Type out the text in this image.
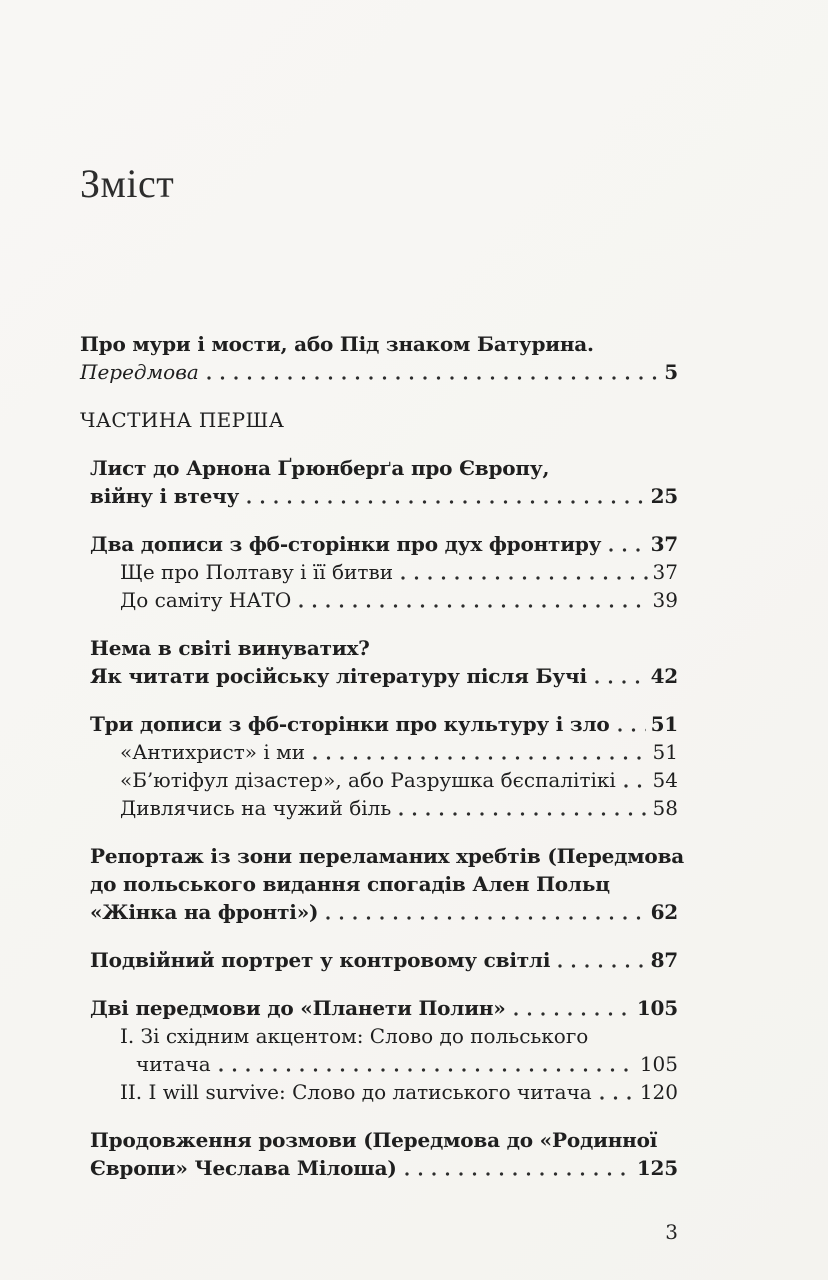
Зміст
Про мури і мости, або Під знаком Батурина.
Передмова	5
ЧАСТИНА ПЕРША
Лист до Арнона Ґрюнберґа про Європу,
війну і втечу	25
Два дописи з фб-сторінки про дух фронтиру 37
Ще про Полтаву і її битви	37
До саміту НАТО	39
Нема в світі винуватих?
Як читати російську літературу після Бучі	42
Три дописи з фб-сторінки про культуру і зло 51
«Антихрист» і ми	51
«Б’ютіфул дізастер», або Разрушка бєспалітікі 54
Дивлячись на чужий біль	58
Репортаж із зони переламаних хребтів (Передмова
до польського видання спогадів Ален Польц
«Жінка на фронті»)	62
Подвійний портрет у контровому світлі	87
Дві передмови до «Планети Полин»	105
I. Зі східним акцентом: Слово до польського
читача	105
II. I will survive: Слово до латиського читача 120
Продовження розмови (Передмова до «Родинної
Європи» Чеслава Мілоша)	125
3
